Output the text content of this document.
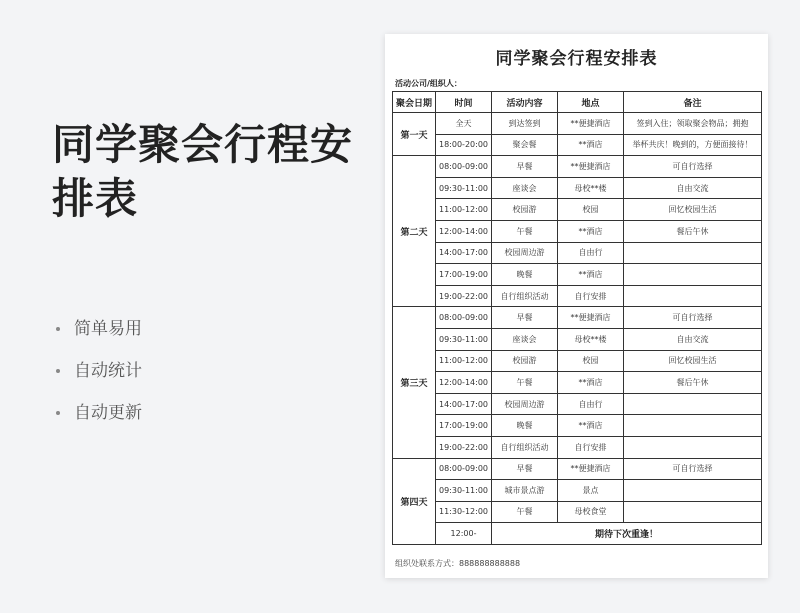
同学聚会行程安排表
简单易用
自动统计
自动更新
同学聚会行程安排表
活动公司/组织人：
聚会日期	时间	活动内容	地点	备注
第一天	全天	到达签到	**便捷酒店	签到入住；领取聚会物品；拥抱
	18:00-20:00	聚会餐	**酒店	举杯共庆！晚到的，方便面接待！
第二天	08:00-09:00	早餐	**便捷酒店	可自行选择
	09:30-11:00	座谈会	母校**楼	自由交流
	11:00-12:00	校园游	校园	回忆校园生活
	12:00-14:00	午餐	**酒店	餐后午休
	14:00-17:00	校园周边游	自由行	
	17:00-19:00	晚餐	**酒店	
	19:00-22:00	自行组织活动	自行安排	
第三天	08:00-09:00	早餐	**便捷酒店	可自行选择
	09:30-11:00	座谈会	母校**楼	自由交流
	11:00-12:00	校园游	校园	回忆校园生活
	12:00-14:00	午餐	**酒店	餐后午休
	14:00-17:00	校园周边游	自由行	
	17:00-19:00	晚餐	**酒店	
	19:00-22:00	自行组织活动	自行安排	
第四天	08:00-09:00	早餐	**便捷酒店	可自行选择
	09:30-11:00	城市景点游	景点	
	11:30-12:00	午餐	母校食堂	
	12:00-	期待下次重逢！		
组织处联系方式：888888888888
